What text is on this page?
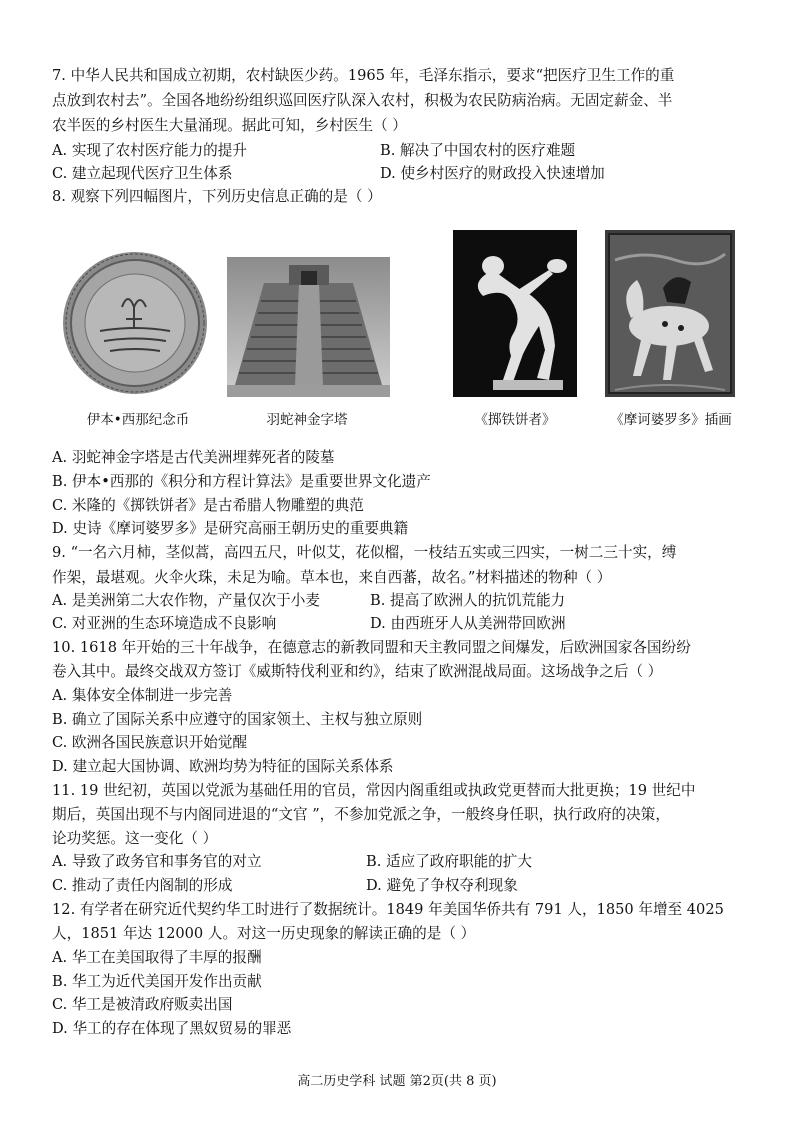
7. 中华人民共和国成立初期，农村缺医少药。1965 年，毛泽东指示，要求“把医疗卫生工作的重
点放到农村去”。全国各地纷纷组织巡回医疗队深入农村，积极为农民防病治病。无固定薪金、半
农半医的乡村医生大量涌现。据此可知，乡村医生（ ）
A. 实现了农村医疗能力的提升	B. 解决了中国农村的医疗难题
C. 建立起现代医疗卫生体系	D. 使乡村医疗的财政投入快速增加
8. 观察下列四幅图片，下列历史信息正确的是（ ）
伊本•西那纪念币	羽蛇神金字塔	《掷铁饼者》	《摩诃婆罗多》插画
A. 羽蛇神金字塔是古代美洲埋葬死者的陵墓
B. 伊本•西那的《积分和方程计算法》是重要世界文化遗产
C. 米隆的《掷铁饼者》是古希腊人物雕塑的典范
D. 史诗《摩诃婆罗多》是研究高丽王朝历史的重要典籍
9. “一名六月柿，茎似蒿，高四五尺，叶似艾，花似榴，一枝结五实或三四实，一树二三十实，缚
作架，最堪观。火伞火珠，未足为喻。草本也，来自西蕃，故名。”材料描述的物种（ ）
A. 是美洲第二大农作物，产量仅次于小麦	B. 提高了欧洲人的抗饥荒能力
C. 对亚洲的生态环境造成不良影响	D. 由西班牙人从美洲带回欧洲
10. 1618 年开始的三十年战争，在德意志的新教同盟和天主教同盟之间爆发，后欧洲国家各国纷纷
卷入其中。最终交战双方签订《威斯特伐利亚和约》，结束了欧洲混战局面。这场战争之后（ ）
A. 集体安全体制进一步完善
B. 确立了国际关系中应遵守的国家领土、主权与独立原则
C. 欧洲各国民族意识开始觉醒
D. 建立起大国协调、欧洲均势为特征的国际关系体系
11. 19 世纪初，英国以党派为基础任用的官员，常因内阁重组或执政党更替而大批更换；19 世纪中
期后，英国出现不与内阁同进退的“文官 ”，不参加党派之争，一般终身任职，执行政府的决策，
论功奖惩。这一变化（ ）
A. 导致了政务官和事务官的对立	B. 适应了政府职能的扩大
C. 推动了责任内阁制的形成	D. 避免了争权夺利现象
12. 有学者在研究近代契约华工时进行了数据统计。1849 年美国华侨共有 791 人，1850 年增至 4025
人，1851 年达 12000 人。对这一历史现象的解读正确的是（ ）
A. 华工在美国取得了丰厚的报酬
B. 华工为近代美国开发作出贡献
C. 华工是被清政府贩卖出国
D. 华工的存在体现了黑奴贸易的罪恶
高二历史学科 试题 第2页(共 8 页)
